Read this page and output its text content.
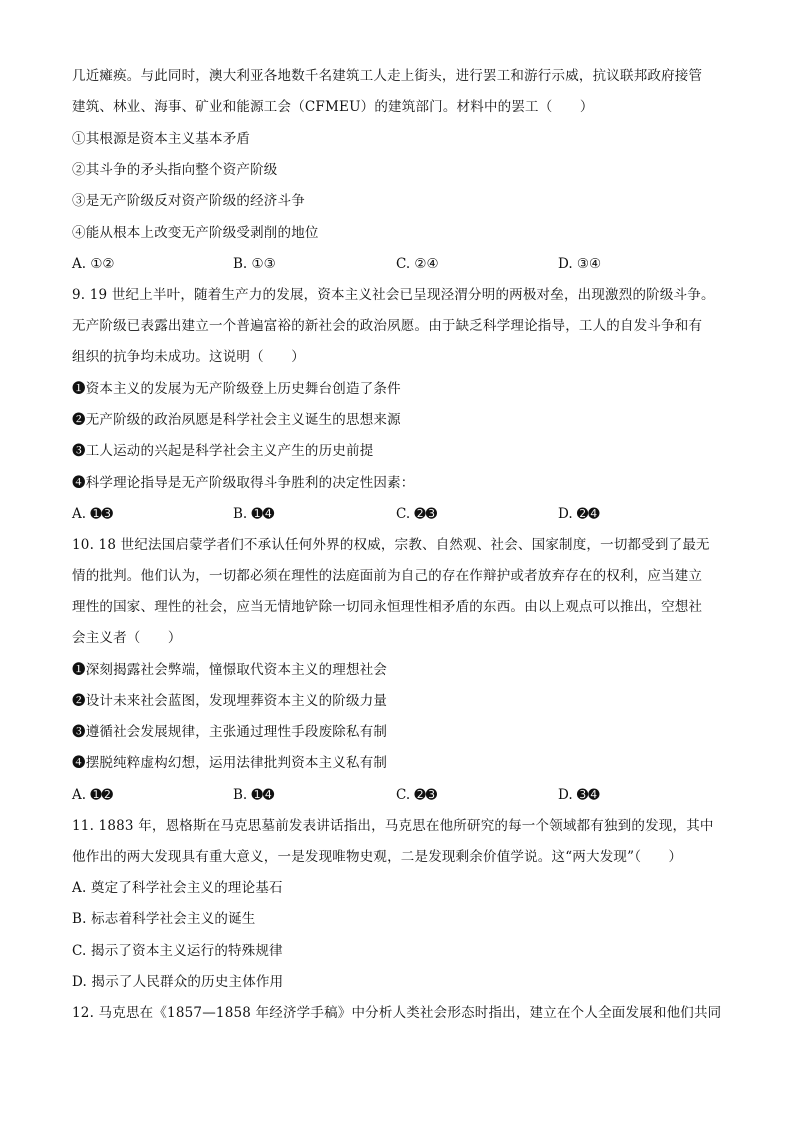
几近瘫痪。与此同时，澳大利亚各地数千名建筑工人走上街头，进行罢工和游行示威，抗议联邦政府接管
建筑、林业、海事、矿业和能源工会（CFMEU）的建筑部门。材料中的罢工（　　）
①其根源是资本主义基本矛盾
②其斗争的矛头指向整个资产阶级
③是无产阶级反对资产阶级的经济斗争
④能从根本上改变无产阶级受剥削的地位
A. ①②	B. ①③	C. ②④	D. ③④
9. 19 世纪上半叶，随着生产力的发展，资本主义社会已呈现泾渭分明的两极对垒，出现激烈的阶级斗争。
无产阶级已表露出建立一个普遍富裕的新社会的政治夙愿。由于缺乏科学理论指导，工人的自发斗争和有
组织的抗争均未成功。这说明（　　）
➊资本主义的发展为无产阶级登上历史舞台创造了条件
➋无产阶级的政治夙愿是科学社会主义诞生的思想来源
➌工人运动的兴起是科学社会主义产生的历史前提
➍科学理论指导是无产阶级取得斗争胜利的决定性因素：
A. ➊➌	B. ➊➍	C. ➋➌	D. ➋➍
10. 18 世纪法国启蒙学者们不承认任何外界的权威，宗教、自然观、社会、国家制度，一切都受到了最无
情的批判。他们认为，一切都必须在理性的法庭面前为自己的存在作辩护或者放弃存在的权利，应当建立
理性的国家、理性的社会，应当无情地铲除一切同永恒理性相矛盾的东西。由以上观点可以推出，空想社
会主义者（　　）
➊深刻揭露社会弊端，憧憬取代资本主义的理想社会
➋设计未来社会蓝图，发现埋葬资本主义的阶级力量
➌遵循社会发展规律，主张通过理性手段废除私有制
➍摆脱纯粹虚构幻想，运用法律批判资本主义私有制
A. ➊➋	B. ➊➍	C. ➋➌	D. ➌➍
11. 1883 年，恩格斯在马克思墓前发表讲话指出，马克思在他所研究的每一个领域都有独到的发现，其中
他作出的两大发现具有重大意义，一是发现唯物史观，二是发现剩余价值学说。这“两大发现”（　　）
A. 奠定了科学社会主义的理论基石
B. 标志着科学社会主义的诞生
C. 揭示了资本主义运行的特殊规律
D. 揭示了人民群众的历史主体作用
12. 马克思在《1857—1858 年经济学手稿》中分析人类社会形态时指出，建立在个人全面发展和他们共同
